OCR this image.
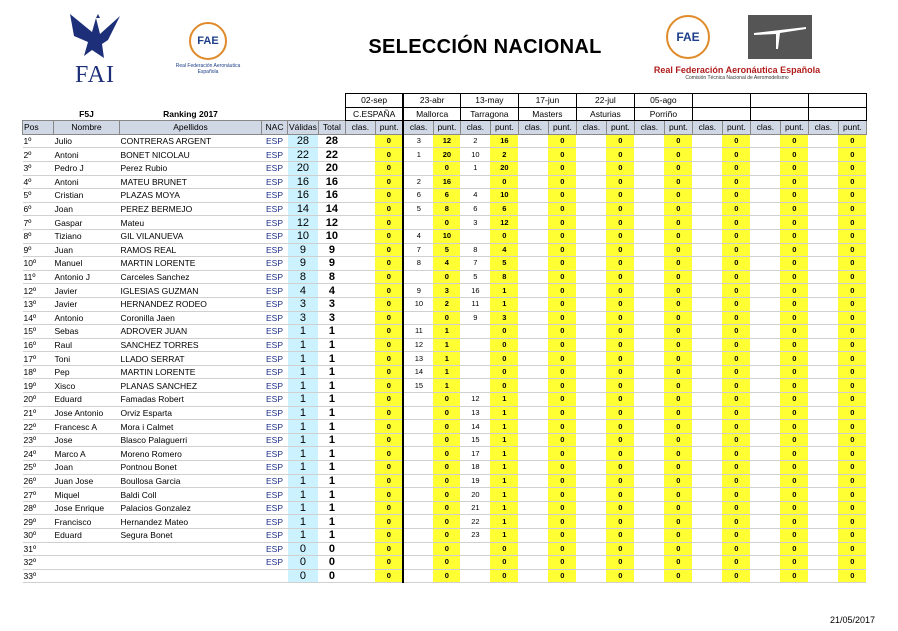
FAI
FAE
Real Federación Aeronáutica Española
SELECCIÓN NACIONAL	FAE
Real Federación Aeronáutica Española
Comisión Técnica Nacional de Aeromodelismo
						02-sep		23-abr		13-may		17-jun		22-jul		05-ago							
	F5J	Ranking 2017				C.ESPAÑA		Mallorca		Tarragona		Masters		Asturias		Porriño							
Pos	Nombre	Apellidos	NAC	Válidas	Total	clas.	punt.	clas.	punt.	clas.	punt.	clas.	punt.	clas.	punt.	clas.	punt.	clas.	punt.	clas.	punt.	clas.	punt.
1º	Julio	CONTRERAS ARGENT	ESP	28	28		0	3	12	2	16		0		0		0		0		0		0
2º	Antoni	BONET NICOLAU	ESP	22	22		0	1	20	10	2		0		0		0		0		0		0
3º	Pedro J	Perez Rubio	ESP	20	20		0		0	1	20		0		0		0		0		0		0
4º	Antoni	MATEU BRUNET	ESP	16	16		0	2	16		0		0		0		0		0		0		0
5º	Cristian	PLAZAS MOYA	ESP	16	16		0	6	6	4	10		0		0		0		0		0		0
6º	Joan	PEREZ BERMEJO	ESP	14	14		0	5	8	6	6		0		0		0		0		0		0
7º	Gaspar	Mateu	ESP	12	12		0		0	3	12		0		0		0		0		0		0
8º	Tiziano	GIL VILANUEVA	ESP	10	10		0	4	10		0		0		0		0		0		0		0
9º	Juan	RAMOS REAL	ESP	9	9		0	7	5	8	4		0		0		0		0		0		0
10º	Manuel	MARTIN LORENTE	ESP	9	9		0	8	4	7	5		0		0		0		0		0		0
11º	Antonio J	Carceles Sanchez	ESP	8	8		0		0	5	8		0		0		0		0		0		0
12º	Javier	IGLESIAS GUZMAN	ESP	4	4		0	9	3	16	1		0		0		0		0		0		0
13º	Javier	HERNANDEZ RODEO	ESP	3	3		0	10	2	11	1		0		0		0		0		0		0
14º	Antonio	Coronilla Jaen	ESP	3	3		0		0	9	3		0		0		0		0		0		0
15º	Sebas	ADROVER JUAN	ESP	1	1		0	11	1		0		0		0		0		0		0		0
16º	Raul	SANCHEZ TORRES	ESP	1	1		0	12	1		0		0		0		0		0		0		0
17º	Toni	LLADO SERRAT	ESP	1	1		0	13	1		0		0		0		0		0		0		0
18º	Pep	MARTIN LORENTE	ESP	1	1		0	14	1		0		0		0		0		0		0		0
19º	Xisco	PLANAS SANCHEZ	ESP	1	1		0	15	1		0		0		0		0		0		0		0
20º	Eduard	Famadas Robert	ESP	1	1		0		0	12	1		0		0		0		0		0		0
21º	Jose Antonio	Orviz Esparta	ESP	1	1		0		0	13	1		0		0		0		0		0		0
22º	Francesc A	Mora i Calmet	ESP	1	1		0		0	14	1		0		0		0		0		0		0
23º	Jose	Blasco Palaguerri	ESP	1	1		0		0	15	1		0		0		0		0		0		0
24º	Marco A	Moreno Romero	ESP	1	1		0		0	17	1		0		0		0		0		0		0
25º	Joan	Pontnou Bonet	ESP	1	1		0		0	18	1		0		0		0		0		0		0
26º	Juan Jose	Boullosa Garcia	ESP	1	1		0		0	19	1		0		0		0		0		0		0
27º	Miquel	Baldi Coll	ESP	1	1		0		0	20	1		0		0		0		0		0		0
28º	Jose Enrique	Palacios Gonzalez	ESP	1	1		0		0	21	1		0		0		0		0		0		0
29º	Francisco	Hernandez Mateo	ESP	1	1		0		0	22	1		0		0		0		0		0		0
30º	Eduard	Segura Bonet	ESP	1	1		0		0	23	1		0		0		0		0		0		0
31º			ESP	0	0		0		0		0		0		0		0		0		0		0
32º			ESP	0	0		0		0		0		0		0		0		0		0		0
33º				0	0		0		0		0		0		0		0		0		0		0
21/05/2017
